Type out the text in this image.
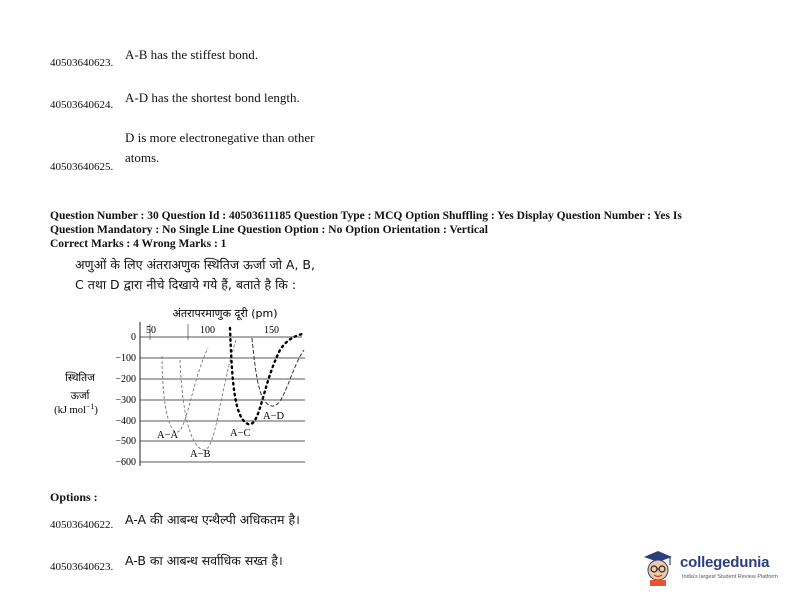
40503640623.
A-B has the stiffest bond.
40503640624. A-D has the shortest bond length.
40503640625.
D is more electronegative than other
atoms.
Question Number : 30 Question Id : 40503611185 Question Type : MCQ Option Shuffling : Yes Display Question Number : Yes Is
Question Mandatory : No Single Line Question Option : No Option Orientation : Vertical
Correct Marks : 4 Wrong Marks : 1
अणुओं के लिए अंतराअणुक स्थितिज ऊर्जा जो A, B,
C तथा D द्वारा नीचे दिखाये गये हैं, बताते है कि :
अंतरापरमाणुक दूरी (pm)
50	100	150
0
−100
−200
−300
−400
−500
−600
स्थितिज
ऊर्जा
(kJ mol$^{-1}$)
A−A
A−B
A−C
A−D
Options :
40503640622. A-A की आबन्ध एन्थैल्पी अधिकतम है।
40503640623. A-B का आबन्ध सर्वाधिक सख्त है।	collegedunia
India's largest Student Review Platform
